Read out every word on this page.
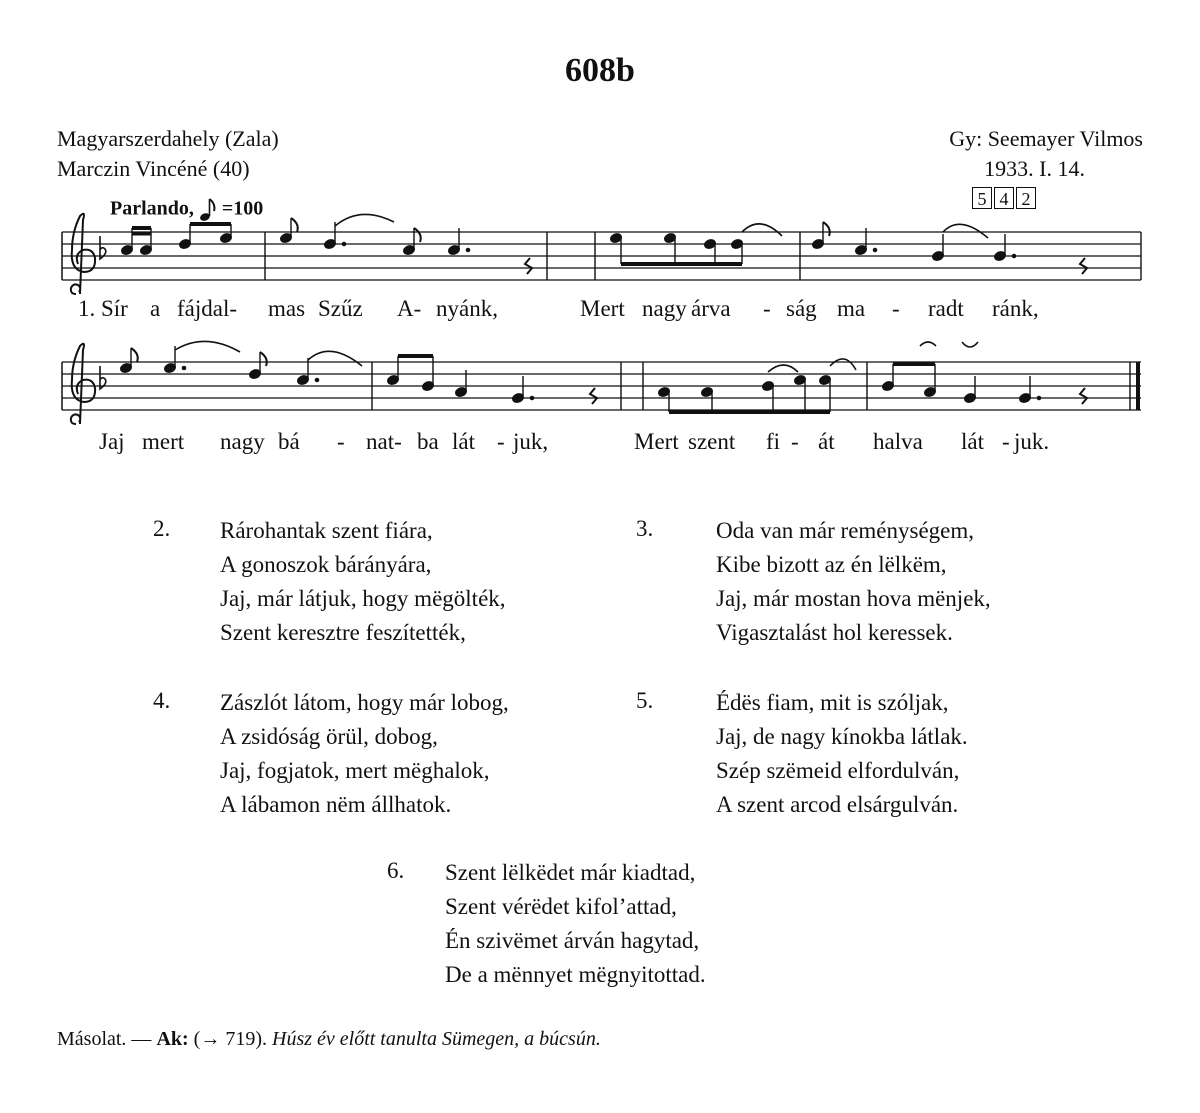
608b
Magyarszerdahely (Zala)
Marczin Vincéné (40)
Gy: Seemayer Vilmos
1933. I. 14.
5 4 2
Parlando, =100
1. Sír a fájdal- mas Szűz A- nyánk,	Mert nagy árva - ság ma - radt ránk,
Jaj mert nagy bá - nat- ba lát - juk,	Mert szent fi - át halva lát - juk.
2. Rárohantak szent fiára,
A gonoszok bárányára,
Jaj, már látjuk, hogy mëgölték,
Szent keresztre feszítették,
3.	Oda van már reménységem,
Kibe bizott az én lëlkëm,
Jaj, már mostan hova mënjek,
Vigasztalást hol keressek.
4. Zászlót látom, hogy már lobog,
A zsidóság örül, dobog,
Jaj, fogjatok, mert mëghalok,
A lábamon nëm állhatok.
5.	Édës fiam, mit is szóljak,
Jaj, de nagy kínokba látlak.
Szép szëmeid elfordulván,
A szent arcod elsárgulván.
6. Szent lëlkëdet már kiadtad,
Szent vérëdet kifol’attad,
Én szivëmet árván hagytad,
De a mënnyet mëgnyitottad.
Másolat. — Ak: (→ 719). Húsz év előtt tanulta Sümegen, a búcsún.
